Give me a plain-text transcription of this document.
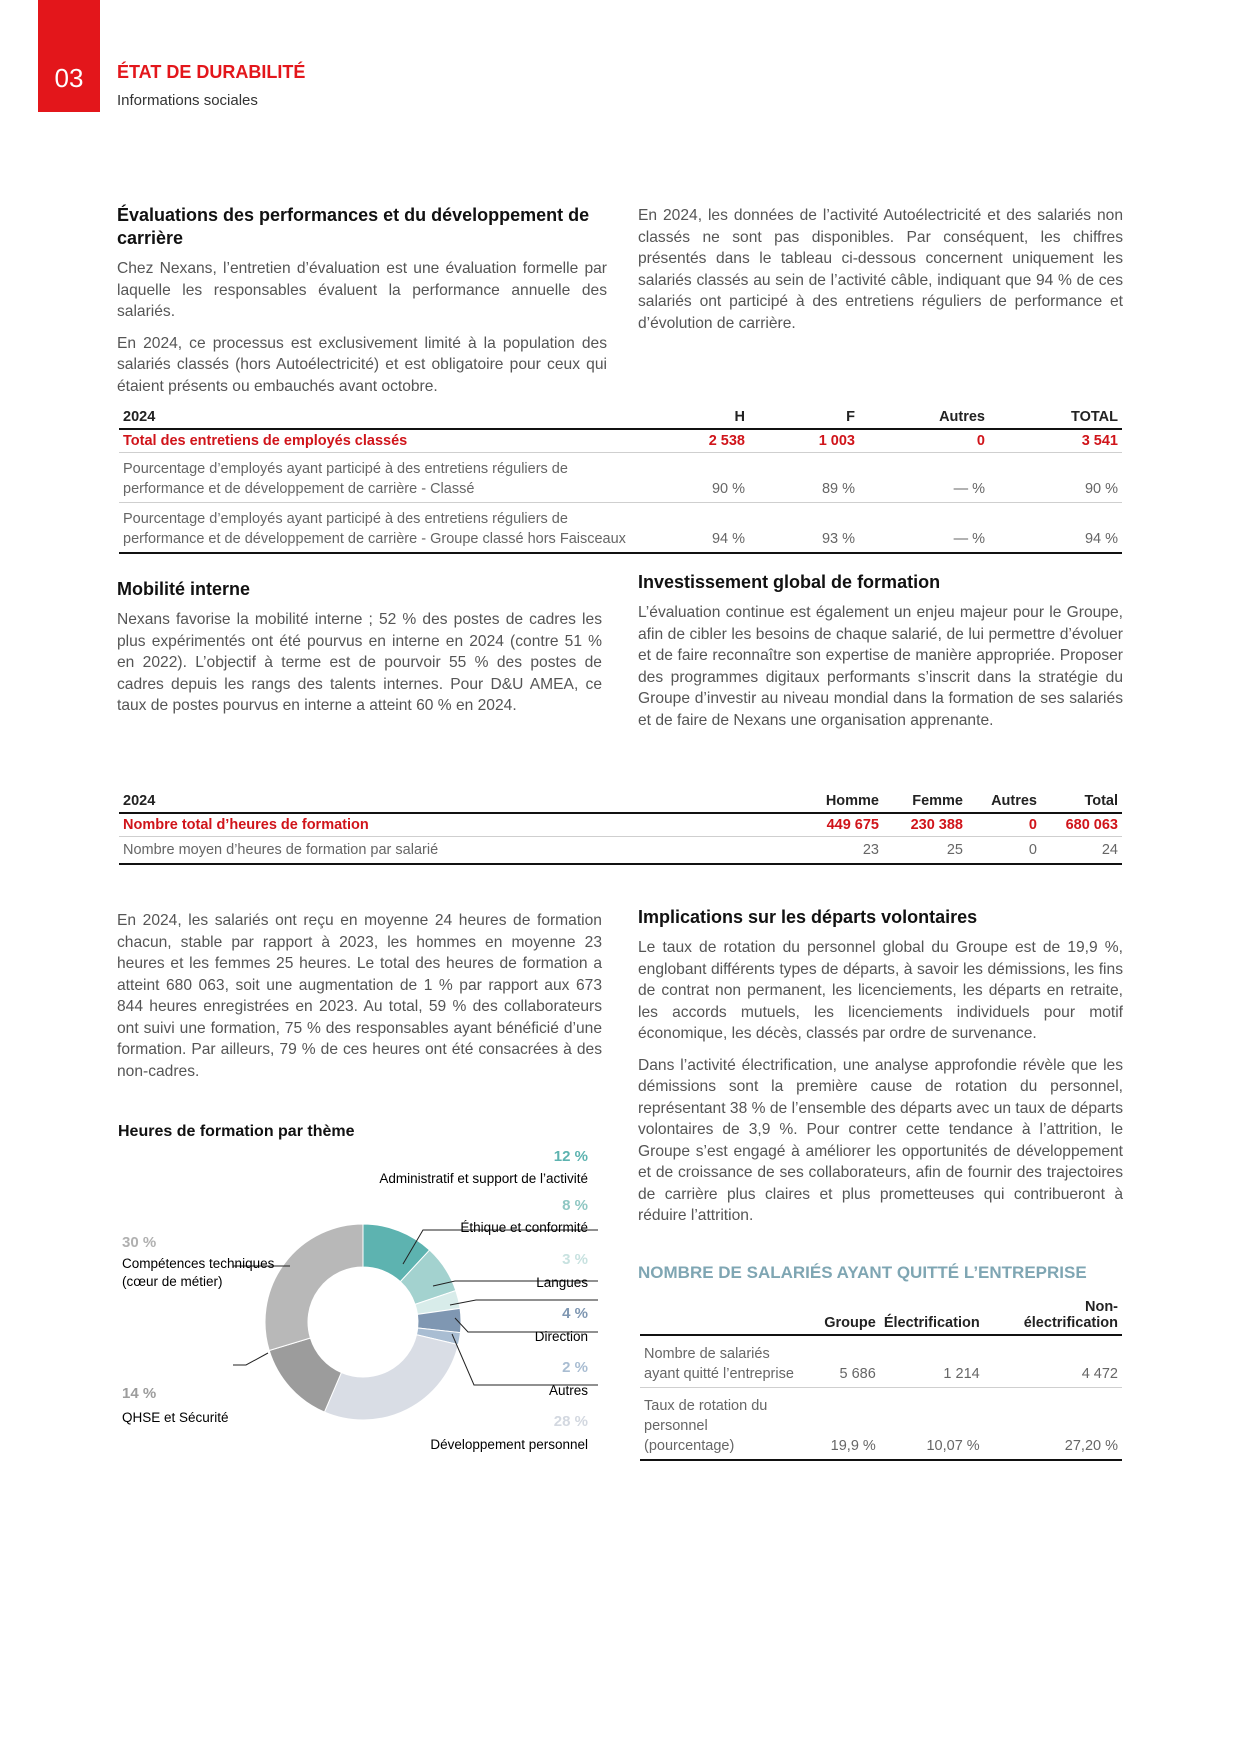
03	ÉTAT DE DURABILITÉ
Informations sociales
Évaluations des performances et du développement de carrière

Chez Nexans, l’entretien d’évaluation est une évaluation formelle par laquelle les responsables évaluent la performance annuelle des salariés.

En 2024, ce processus est exclusivement limité à la population des salariés classés (hors Autoélectricité) et est obligatoire pour ceux qui étaient présents ou embauchés avant octobre.

En 2024, les données de l’activité Autoélectricité et des salariés non classés ne sont pas disponibles. Par conséquent, les chiffres présentés dans le tableau ci-dessous concernent uniquement les salariés classés au sein de l’activité câble, indiquant que 94 % de ces salariés ont participé à des entretiens réguliers de performance et d’évolution de carrière.

2024	H	F	Autres	TOTAL
Total des entretiens de employés classés	2 538	1 003	0	3 541
Pourcentage d’employés ayant participé à des entretiens réguliers de performance et de développement de carrière - Classé	90 %	89 %	— %	90 %
Pourcentage d’employés ayant participé à des entretiens réguliers de performance et de développement de carrière - Groupe classé hors Faisceaux	94 %	93 %	— %	94 %
Mobilité interne

Nexans favorise la mobilité interne ; 52 % des postes de cadres les plus expérimentés ont été pourvus en interne en 2024 (contre 51 % en 2022). L’objectif à terme est de pourvoir 55 % des postes de cadres depuis les rangs des talents internes. Pour D&U AMEA, ce taux de postes pourvus en interne a atteint 60 % en 2024.

Investissement global de formation

L’évaluation continue est également un enjeu majeur pour le Groupe, afin de cibler les besoins de chaque salarié, de lui permettre d’évoluer et de faire reconnaître son expertise de manière appropriée. Proposer des programmes digitaux performants s’inscrit dans la stratégie du Groupe d’investir au niveau mondial dans la formation de ses salariés et de faire de Nexans une organisation apprenante.

2024	Homme	Femme	Autres	Total
Nombre total d’heures de formation	449 675	230 388	0	680 063
Nombre moyen d’heures de formation par salarié	23	25	0	24

En 2024, les salariés ont reçu en moyenne 24 heures de formation chacun, stable par rapport à 2023, les hommes en moyenne 23 heures et les femmes 25 heures. Le total des heures de formation a atteint 680 063, soit une augmentation de 1 % par rapport aux 673 844 heures enregistrées en 2023. Au total, 59 % des collaborateurs ont suivi une formation, 75 % des responsables ayant bénéficié d’une formation. Par ailleurs, 79 % de ces heures ont été consacrées à des non-cadres.

Heures de formation par thème
12 %
Administratif et support de l’activité
8 %
Éthique et conformité
3 %
Langues
4 %
Direction
2 %
Autres
28 %
Développement personnel
14 %
QHSE et Sécurité
30 %
Compétences techniques (cœur de métier)
Implications sur les départs volontaires

Le taux de rotation du personnel global du Groupe est de 19,9 %, englobant différents types de départs, à savoir les démissions, les fins de contrat non permanent, les licenciements, les départs en retraite, les accords mutuels, les licenciements individuels pour motif économique, les décès, classés par ordre de survenance.

Dans l’activité électrification, une analyse approfondie révèle que les démissions sont la première cause de rotation du personnel, représentant 38 % de l’ensemble des départs avec un taux de départs volontaires de 3,9 %. Pour contrer cette tendance à l’attrition, le Groupe s’est engagé à améliorer les opportunités de développement et de croissance de ses collaborateurs, afin de fournir des trajectoires de carrière plus claires et plus prometteuses qui contribueront à réduire l’attrition.

NOMBRE DE SALARIÉS AYANT QUITTÉ L’ENTREPRISE
	Groupe	Électrification	Non-électrification
Nombre de salariés ayant quitté l’entreprise	5 686	1 214	4 472
Taux de rotation du personnel (pourcentage)	19,9 %	10,07 %	27,20 %
